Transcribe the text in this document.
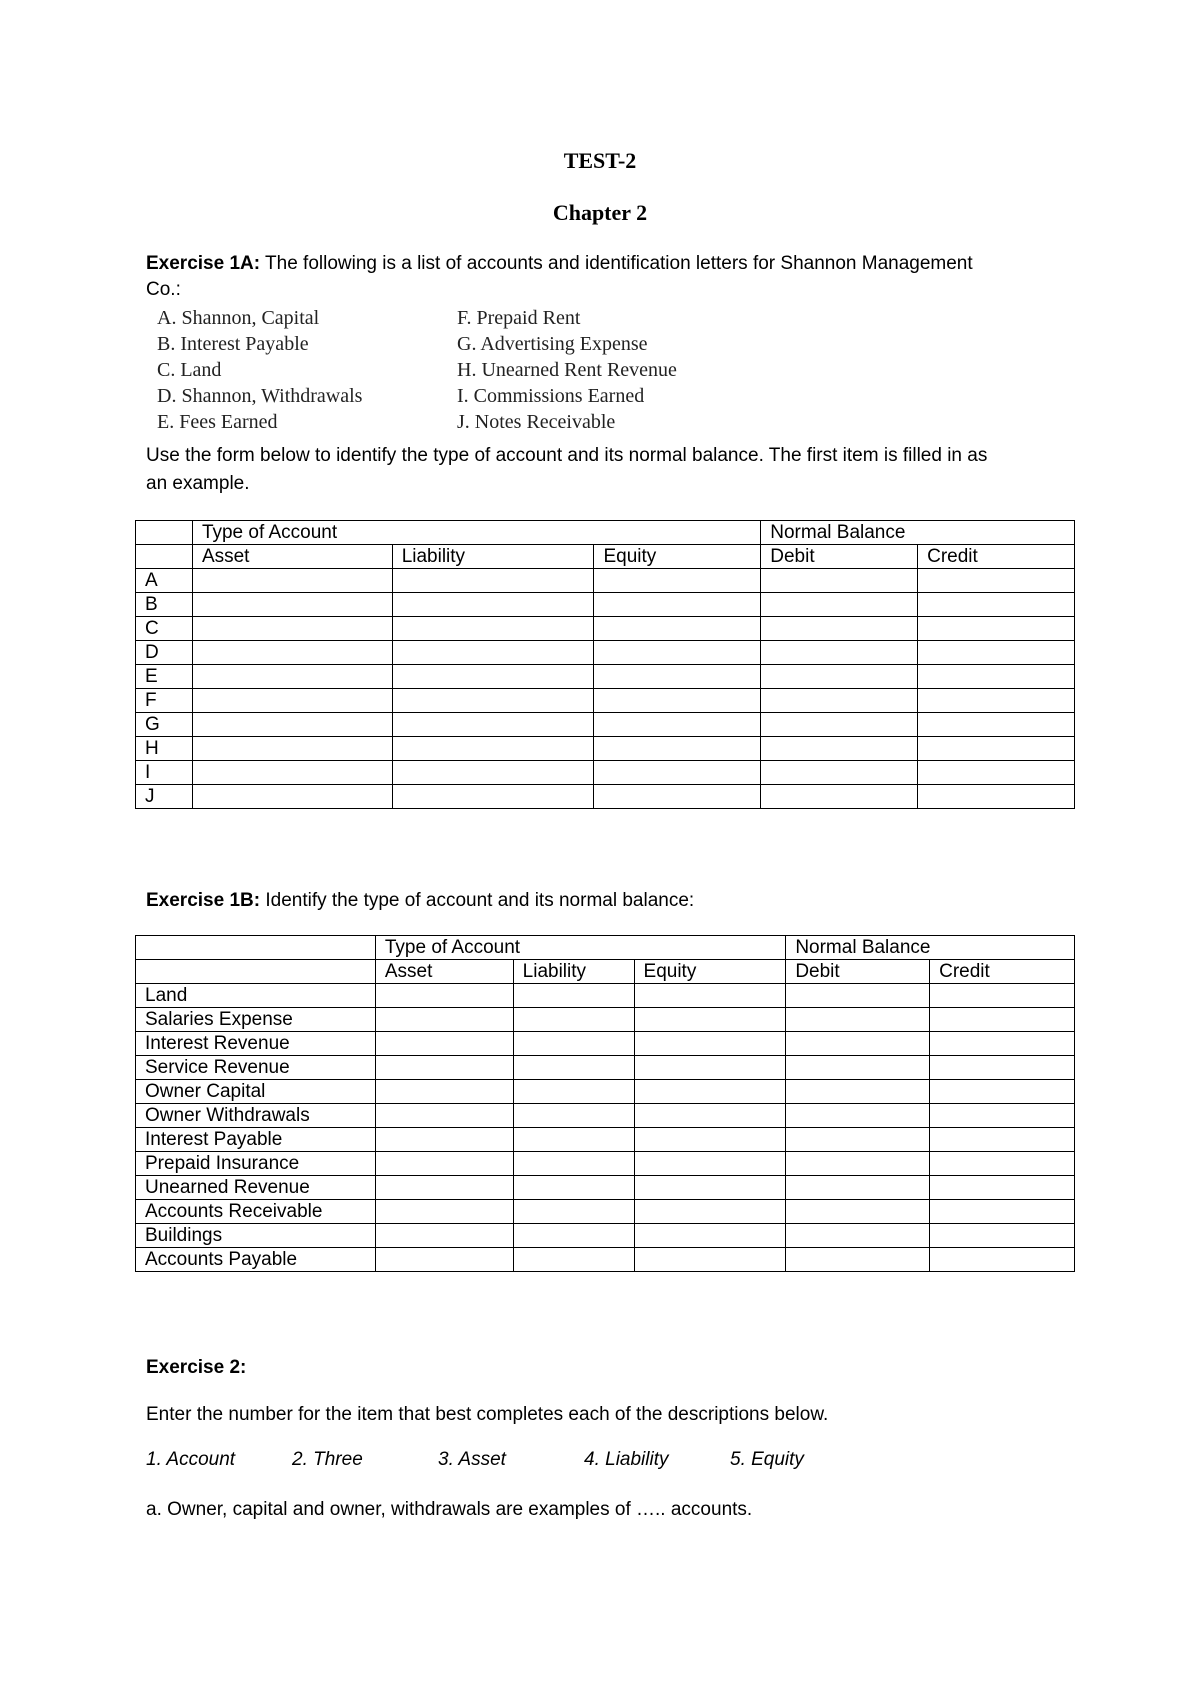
TEST-2
Chapter 2
Exercise 1A: The following is a list of accounts and identification letters for Shannon Management
Co.:
A. Shannon, Capital
B. Interest Payable
C. Land
D. Shannon, Withdrawals
E. Fees Earned
F. Prepaid Rent
G. Advertising Expense
H. Unearned Rent Revenue
I. Commissions Earned
J. Notes Receivable
Use the form below to identify the type of account and its normal balance. The first item is filled in as
an example.
	Type of Account			Normal Balance	
	Asset	Liability	Equity	Debit	Credit
A					
B					
C					
D					
E					
F					
G					
H					
I					
J					
Exercise 1B: Identify the type of account and its normal balance:
	Type of Account			Normal Balance	
	Asset	Liability	Equity	Debit	Credit
Land					
Salaries Expense					
Interest Revenue					
Service Revenue					
Owner Capital					
Owner Withdrawals					
Interest Payable					
Prepaid Insurance					
Unearned Revenue					
Accounts Receivable					
Buildings					
Accounts Payable					
Exercise 2:
Enter the number for the item that best completes each of the descriptions below.
1. Account	2. Three	3. Asset	4. Liability	5. Equity
a. Owner, capital and owner, withdrawals are examples of ….. accounts.
